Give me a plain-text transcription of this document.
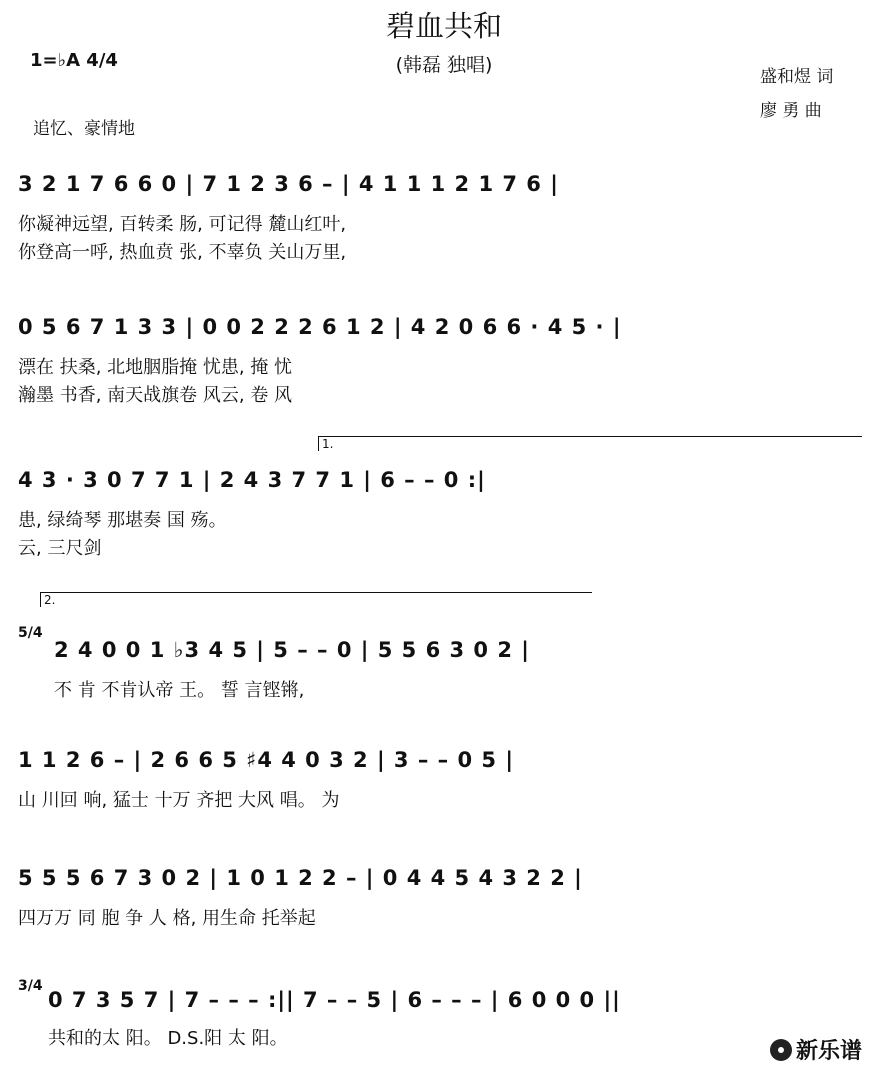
碧血共和
(韩磊 独唱)
1=♭A 4/4
盛和煜 词
廖 勇 曲
追忆、豪情地
3 2 1 7 6 6 0 | 7 1 2 3 6 – | 4 1 1 1 2 1 7 6 |
你凝神远望, 百转柔 肠, 可记得 麓山红叶,
你登高一呼, 热血贲 张, 不辜负 关山万里,
0 5 6 7 1 3 3 | 0 0 2 2 2 6 1 2 | 4 2 0 6 6 · 4 5 · |
漂在 扶桑, 北地胭脂掩 忧患, 掩 忧
瀚墨 书香, 南天战旗卷 风云, 卷 风
1.
4 3 · 3 0 7 7 1 | 2 4 3 7 7 1 | 6 – – 0 :|
患, 绿绮琴 那堪奏 国 殇。
云, 三尺剑
2.
5/4
2 4 0 0 1 ♭3 4 5 | 5 – – 0 | 5 5 6 3 0 2 |
不 肯 不肯认帝 王。 誓 言铿锵,
1 1 2 6 – | 2 6 6 5 ♯4 4 0 3 2 | 3 – – 0 5 |
山 川回 响, 猛士 十万 齐把 大风 唱。 为
5 5 5 6 7 3 0 2 | 1 0 1 2 2 – | 0 4 4 5 4 3 2 2 |
四万万 同 胞 争 人 格, 用生命 托举起
3/4
0 7 3 5 7 | 7 – – – :|| 7 – – 5 | 6 – – – | 6 0 0 0 ||
共和的太 阳。 D.S.阳 太 阳。
新乐谱
